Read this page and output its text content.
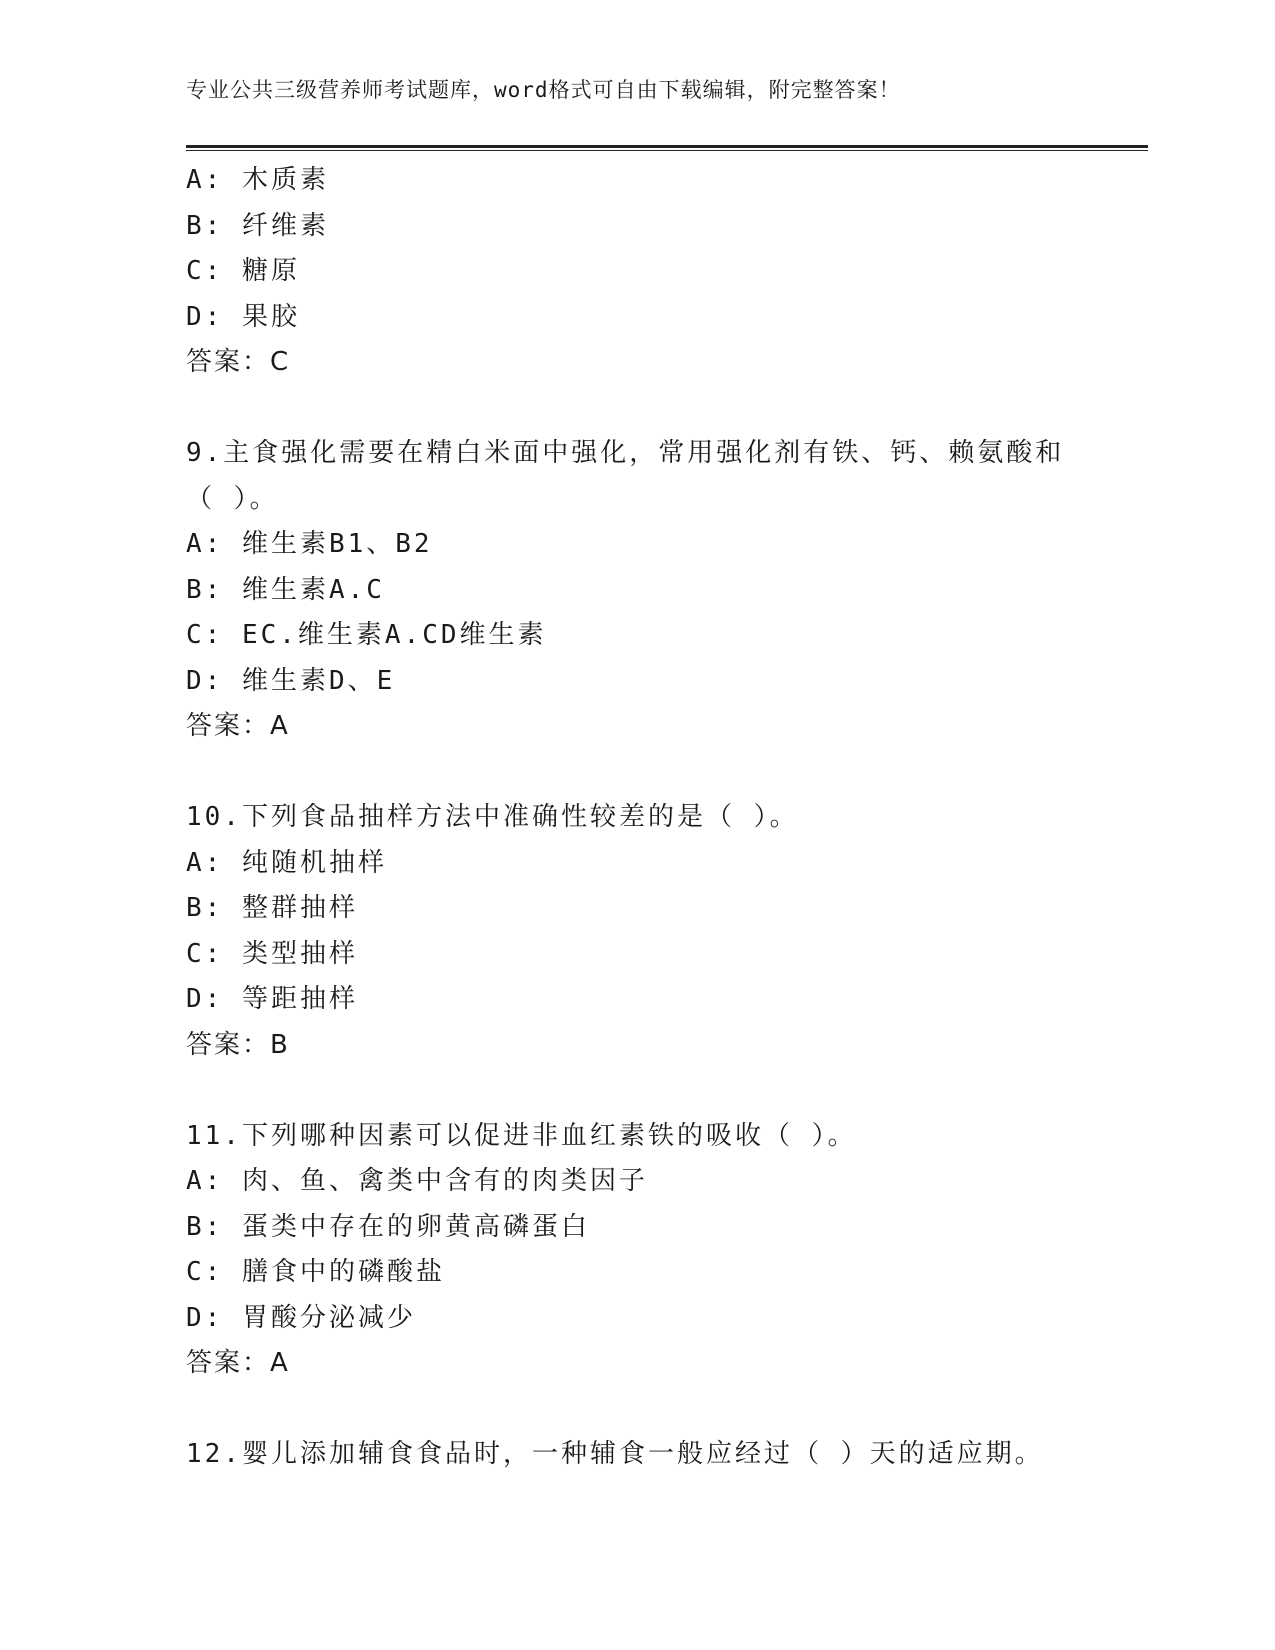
专业公共三级营养师考试题库，word格式可自由下载编辑，附完整答案！
A: 木质素
B: 纤维素
C: 糖原
D: 果胶
答案：C
9.主食强化需要在精白米面中强化，常用强化剂有铁、钙、赖氨酸和
（ ）。
A: 维生素B1、B2
B: 维生素A.C
C: EC.维生素A.CD维生素
D: 维生素D、E
答案：A
10.下列食品抽样方法中准确性较差的是（ ）。
A: 纯随机抽样
B: 整群抽样
C: 类型抽样
D: 等距抽样
答案：B
11.下列哪种因素可以促进非血红素铁的吸收（ ）。
A: 肉、鱼、禽类中含有的肉类因子
B: 蛋类中存在的卵黄高磷蛋白
C: 膳食中的磷酸盐
D: 胃酸分泌减少
答案：A
12.婴儿添加辅食食品时，一种辅食一般应经过（ ）天的适应期。
